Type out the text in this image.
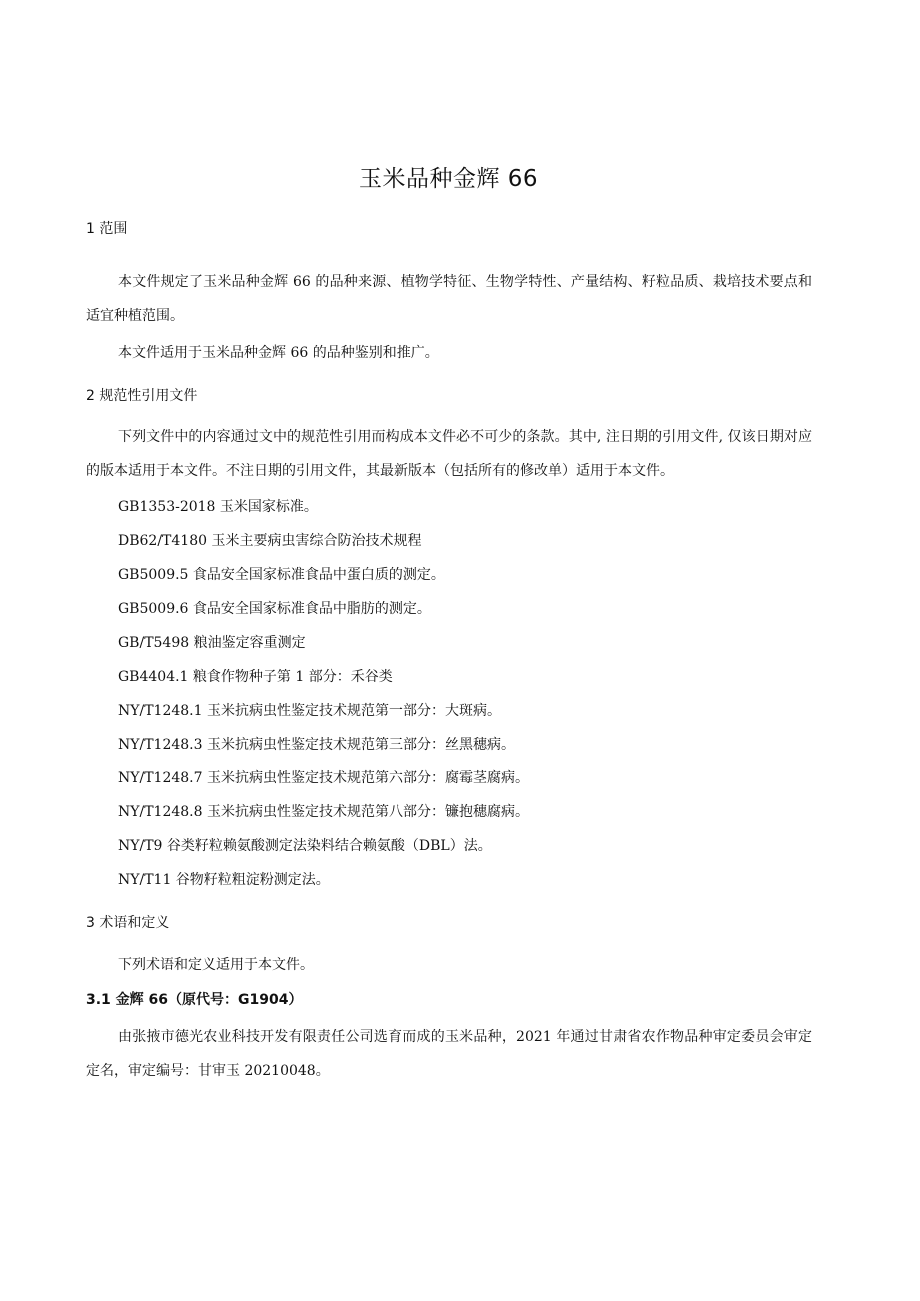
玉米品种金辉 66
1 范围

本文件规定了玉米品种金辉 66 的品种来源、植物学特征、生物学特性、产量结构、籽粒品质、栽培技术要点和适宜种植范围。

本文件适用于玉米品种金辉 66 的品种鉴别和推广。

2 规范性引用文件

下列文件中的内容通过文中的规范性引用而构成本文件必不可少的条款。其中, 注日期的引用文件, 仅该日期对应的版本适用于本文件。不注日期的引用文件，其最新版本（包括所有的修改单）适用于本文件。

GB1353-2018 玉米国家标准。
DB62/T4180 玉米主要病虫害综合防治技术规程
GB5009.5 食品安全国家标准食品中蛋白质的测定。
GB5009.6 食品安全国家标准食品中脂肪的测定。
GB/T5498 粮油鉴定容重测定
GB4404.1 粮食作物种子第 1 部分：禾谷类
NY/T1248.1 玉米抗病虫性鉴定技术规范第一部分：大斑病。
NY/T1248.3 玉米抗病虫性鉴定技术规范第三部分：丝黑穗病。
NY/T1248.7 玉米抗病虫性鉴定技术规范第六部分：腐霉茎腐病。
NY/T1248.8 玉米抗病虫性鉴定技术规范第八部分：镰抱穗腐病。
NY/T9 谷类籽粒赖氨酸测定法染料结合赖氨酸（DBL）法。
NY/T11 谷物籽粒粗淀粉测定法。
3 术语和定义
下列术语和定义适用于本文件。
3.1 金辉 66（原代号：G1904）

由张掖市德光农业科技开发有限责任公司选育而成的玉米品种，2021 年通过甘肃省农作物品种审定委员会审定定名，审定编号：甘审玉 20210048。
